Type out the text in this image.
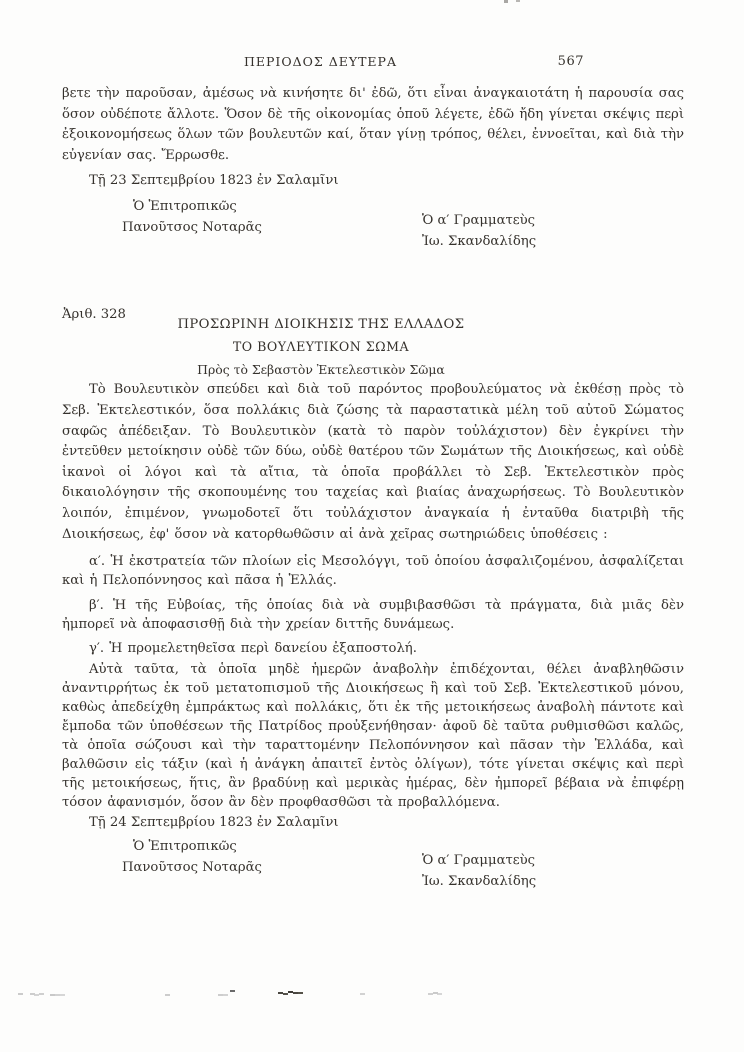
ΠΕΡΙΟΔΟΣ ΔΕΥΤΕΡΑ	567

βετε τὴν παροῦσαν, ἀμέσως νὰ κινήσητε δι' ἐδῶ, ὅτι εἶναι ἀναγκαιοτάτη ἡ παρουσία σας ὅσον οὐδέποτε ἄλλοτε. Ὅσον δὲ τῆς οἰκονομίας ὁποῦ λέγετε, ἐδῶ ἤδη γίνεται σκέψις περὶ ἐξοικονομήσεως ὅλων τῶν βουλευτῶν καί, ὅταν γίνῃ τρόπος, θέλει, ἐννοεῖται, καὶ διὰ τὴν εὐγενίαν σας. Ἔρρωσθε.

Τῇ 23 Σεπτεμβρίου 1823 ἐν Σαλαμῖνι

Ὁ Ἐπιτροπικῶς
Πανοῦτσος Νοταρᾶς	Ὁ α′ Γραμματεὺς
Ἰω. Σκανδαλίδης
Ἀριθ. 328
ΠΡΟΣΩΡΙΝΗ ΔΙΟΙΚΗΣΙΣ ΤΗΣ ΕΛΛΑΔΟΣ
ΤΟ ΒΟΥΛΕΥΤΙΚΟΝ ΣΩΜΑ
Πρὸς τὸ Σεβαστὸν Ἐκτελεστικὸν Σῶμα

Τὸ Βουλευτικὸν σπεύδει καὶ διὰ τοῦ παρόντος προβουλεύματος νὰ ἐκθέσῃ πρὸς τὸ Σεβ. Ἐκτελεστικόν, ὅσα πολλάκις διὰ ζώσης τὰ παραστατικὰ μέλη τοῦ αὐτοῦ Σώματος σαφῶς ἀπέδειξαν. Τὸ Βουλευτικὸν (κατὰ τὸ παρὸν τοὐλάχιστον) δὲν ἐγκρίνει τὴν ἐντεῦθεν μετοίκησιν οὐδὲ τῶν δύω, οὐδὲ θατέρου τῶν Σωμάτων τῆς Διοικήσεως, καὶ οὐδὲ ἱκανοὶ οἱ λόγοι καὶ τὰ αἴτια, τὰ ὁποῖα προβάλλει τὸ Σεβ. Ἐκτελεστικὸν πρὸς δικαιολόγησιν τῆς σκοπουμένης του ταχείας καὶ βιαίας ἀναχωρήσεως. Τὸ Βουλευτικὸν λοιπόν, ἐπιμένον, γνωμοδοτεῖ ὅτι τοὐλάχιστον ἀναγκαία ἡ ἐνταῦθα διατριβὴ τῆς Διοικήσεως, ἐφ' ὅσον νὰ κατορθωθῶσιν αἱ ἀνὰ χεῖρας σωτηριώδεις ὑποθέσεις :

α′. Ἡ ἐκστρατεία τῶν πλοίων εἰς Μεσολόγγι, τοῦ ὁποίου ἀσφαλιζομένου, ἀσφαλίζεται καὶ ἡ Πελοπόννησος καὶ πᾶσα ἡ Ἑλλάς.

β′. Ἡ τῆς Εὐβοίας, τῆς ὁποίας διὰ νὰ συμβιβασθῶσι τὰ πράγματα, διὰ μιᾶς δὲν ἠμπορεῖ νὰ ἀποφασισθῇ διὰ τὴν χρείαν διττῆς δυνάμεως.

γ′. Ἡ προμελετηθεῖσα περὶ δανείου ἐξαποστολή.

Αὐτὰ ταῦτα, τὰ ὁποῖα μηδὲ ἡμερῶν ἀναβολὴν ἐπιδέχονται, θέλει ἀναβληθῶσιν ἀναντιρρήτως ἐκ τοῦ μετατοπισμοῦ τῆς Διοικήσεως ἢ καὶ τοῦ Σεβ. Ἐκτελεστικοῦ μόνου, καθὼς ἀπεδείχθη ἐμπράκτως καὶ πολλάκις, ὅτι ἐκ τῆς μετοικήσεως ἀναβολὴ πάντοτε καὶ ἔμποδα τῶν ὑποθέσεων τῆς Πατρίδος προὐξενήθησαν· ἀφοῦ δὲ ταῦτα ρυθμισθῶσι καλῶς, τὰ ὁποῖα σώζουσι καὶ τὴν ταραττομένην Πελοπόννησον καὶ πᾶσαν τὴν Ἑλλάδα, καὶ βαλθῶσιν εἰς τάξιν (καὶ ἡ ἀνάγκη ἀπαιτεῖ ἐντὸς ὀλίγων), τότε γίνεται σκέψις καὶ περὶ τῆς μετοικήσεως, ἥτις, ἂν βραδύνῃ καὶ μερικὰς ἡμέρας, δὲν ἠμπορεῖ βέβαια νὰ ἐπιφέρῃ τόσον ἀφανισμόν, ὅσον ἂν δὲν προφθασθῶσι τὰ προβαλλόμενα.

Τῇ 24 Σεπτεμβρίου 1823 ἐν Σαλαμῖνι

Ὁ Ἐπιτροπικῶς
Πανοῦτσος Νοταρᾶς	Ὁ α′ Γραμματεὺς
Ἰω. Σκανδαλίδης
